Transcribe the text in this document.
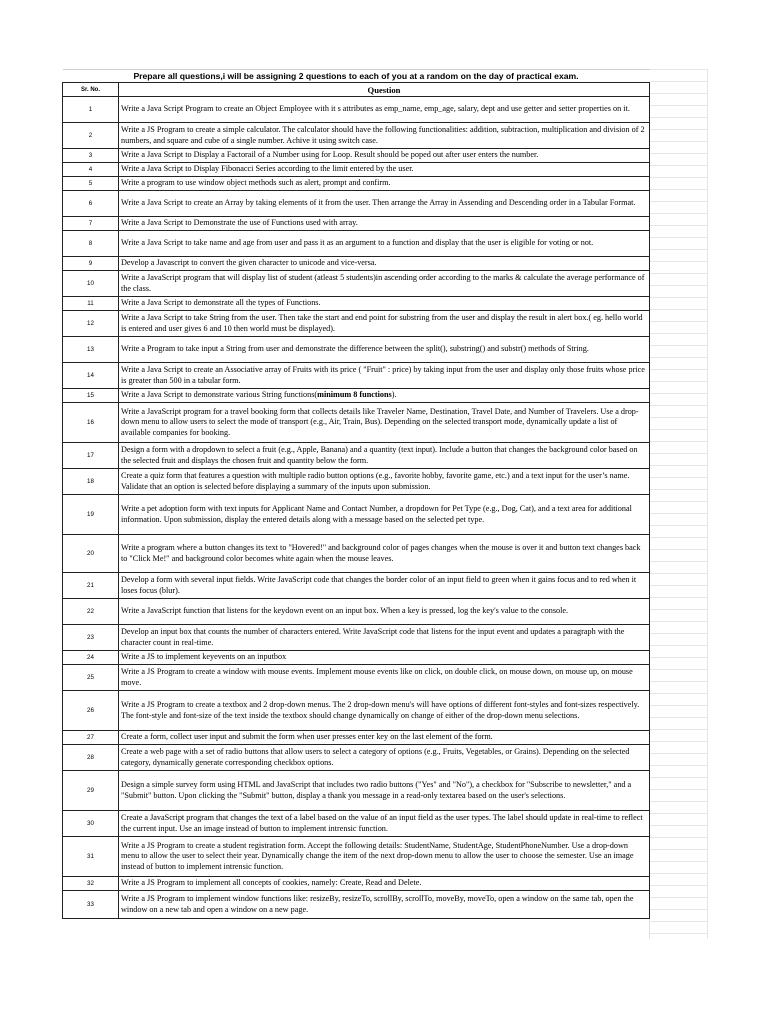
Prepare all questions,i will be assigning 2 questions to each of you at a random on the day of practical exam.	
Sr. No.	Question
1	Write a Java Script Program to create an Object Employee with it s attributes as emp_name, emp_age, salary, dept and use getter and setter properties on it.
2	Write a JS Program to create a simple calculator. The calculator should have the following functionalities: addition, subtraction, multiplication and division of 2 numbers, and square and cube of a single number. Achive it using switch case.
3	Write a Java Script to Display a Factorail of a Number using for Loop. Result should be poped out after user enters the number.
4	Write a Java Script to Display Fibonacci Series according to the limit entered by the user.
5	Write a program to use window object methods such as alert, prompt and confirm.
6	Write a Java Script to create an Array by taking elements of it from the user. Then arrange the Array in Assending and Descending order in a Tabular Format.
7	Write a Java Script to Demonstrate the use of Functions used with array.
8	Write a Java Script to take name and age from user and pass it as an argument to a function and display that the user is eligible for voting or not.
9	Develop a Javascript to convert the given character to unicode and vice-versa.
10	Write a JavaScript program that will display list of student (atleast 5 students)in ascending order according to the marks & calculate the average performance of the class.
11	Write a Java Script to demonstrate all the types of Functions.
12	Write a Java Script to take String from the user. Then take the start and end point for substring from the user and display the result in alert box.( eg. hello world is entered and user gives 6 and 10 then world must be displayed).
13	Write a Program to take input a String from user and demonstrate the difference between the split(), substring() and substr() methods of String.
14	Write a Java Script to create an Associative array of Fruits with its price ( "Fruit" : price) by taking input from the user and display only those fruits whose price is greater than 500 in a tabular form.
15	Write a Java Script to demonstrate various String functions(minimum 8 functions).
16	Write a JavaScript program for a travel booking form that collects details like Traveler Name, Destination, Travel Date, and Number of Travelers. Use a drop-down menu to allow users to select the mode of transport (e.g., Air, Train, Bus). Depending on the selected transport mode, dynamically update a list of available companies for booking.
17	Design a form with a dropdown to select a fruit (e.g., Apple, Banana) and a quantity (text input). Include a button that changes the background color based on the selected fruit and displays the chosen fruit and quantity below the form.
18	Create a quiz form that features a question with multiple radio button options (e.g., favorite hobby, favorite game, etc.) and a text input for the user’s name. Validate that an option is selected before displaying a summary of the inputs upon submission.
19	Write a pet adoption form with text inputs for Applicant Name and Contact Number, a dropdown for Pet Type (e.g., Dog, Cat), and a text area for additional information. Upon submission, display the entered details along with a message based on the selected pet type.
20	Write a program where a button changes its text to "Hovered!" and background color of pages changes when the mouse is over it and button text changes back to "Click Me!" and background color becomes white again when the mouse leaves.
21	Develop a form with several input fields. Write JavaScript code that changes the border color of an input field to green when it gains focus and to red when it loses focus (blur).
22	Write a JavaScript function that listens for the keydown event on an input box. When a key is pressed, log the key's value to the console.
23	Develop an input box that counts the number of characters entered. Write JavaScript code that listens for the input event and updates a paragraph with the character count in real-time.
24	Write a JS to implement keyevents on an inputbox
25	Write a JS Program to create a window with mouse events. Implement mouse events like on click, on double click, on mouse down, on mouse up, on mouse move.
26	Write a JS Program to create a textbox and 2 drop-down menus. The 2 drop-down menu's will have options of different font-styles and font-sizes respectively. The font-style and font-size of the text inside the textbox should change dynamically on change of either of the drop-down menu selections.
27	Create a form, collect user input and submit the form when user presses enter key on the last element of the form.
28	Create a web page with a set of radio buttons that allow users to select a category of options (e.g., Fruits, Vegetables, or Grains). Depending on the selected category, dynamically generate corresponding checkbox options.
29	Design a simple survey form using HTML and JavaScript that includes two radio buttons ("Yes" and "No"), a checkbox for "Subscribe to newsletter," and a "Submit" button. Upon clicking the "Submit" button, display a thank you message in a read-only textarea based on the user's selections.
30	Create a JavaScript program that changes the text of a label based on the value of an input field as the user types. The label should update in real-time to reflect the current input. Use an image instead of button to implement intrensic function.
31	Write a JS Program to create a student registration form. Accept the following details: StudentName, StudentAge, StudentPhoneNumber. Use a drop-down menu to allow the user to select their year. Dynamically change the item of the next drop-down menu to allow the user to choose the semester. Use an image instead of button to implement intrensic function.
32	Write a JS Program to implement all concepts of cookies, namely: Create, Read and Delete.
33	Write a JS Program to implement window functions like: resizeBy, resizeTo, scrollBy, scrollTo, moveBy, moveTo, open a window on the same tab, open the window on a new tab and open a window on a new page.
